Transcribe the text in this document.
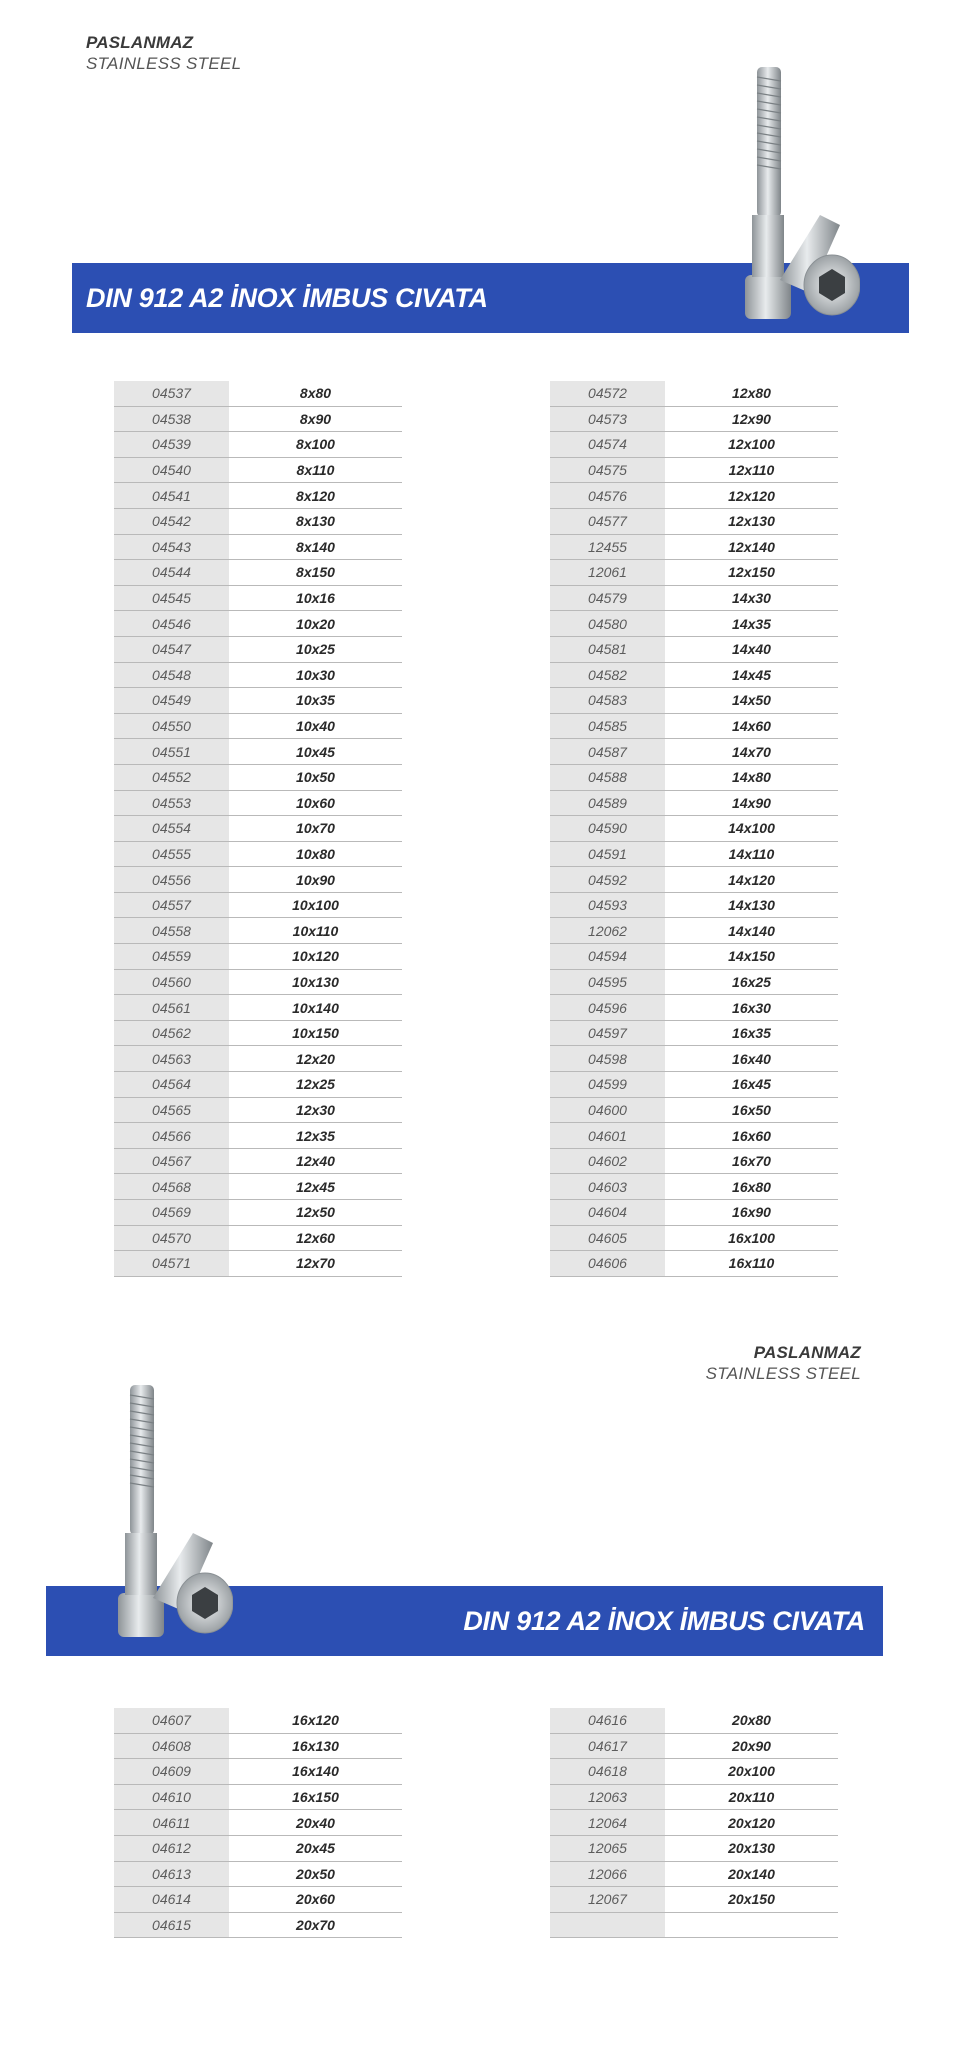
PASLANMAZ
STAINLESS STEEL
DIN 912 A2 İNOX İMBUS CIVATA
04537	8x80
04538	8x90
04539	8x100
04540	8x110
04541	8x120
04542	8x130
04543	8x140
04544	8x150
04545	10x16
04546	10x20
04547	10x25
04548	10x30
04549	10x35
04550	10x40
04551	10x45
04552	10x50
04553	10x60
04554	10x70
04555	10x80
04556	10x90
04557	10x100
04558	10x110
04559	10x120
04560	10x130
04561	10x140
04562	10x150
04563	12x20
04564	12x25
04565	12x30
04566	12x35
04567	12x40
04568	12x45
04569	12x50
04570	12x60
04571	12x70
04572	12x80
04573	12x90
04574	12x100
04575	12x110
04576	12x120
04577	12x130
12455	12x140
12061	12x150
04579	14x30
04580	14x35
04581	14x40
04582	14x45
04583	14x50
04585	14x60
04587	14x70
04588	14x80
04589	14x90
04590	14x100
04591	14x110
04592	14x120
04593	14x130
12062	14x140
04594	14x150
04595	16x25
04596	16x30
04597	16x35
04598	16x40
04599	16x45
04600	16x50
04601	16x60
04602	16x70
04603	16x80
04604	16x90
04605	16x100
04606	16x110
PASLANMAZ
STAINLESS STEEL
DIN 912 A2 İNOX İMBUS CIVATA
04607	16x120
04608	16x130
04609	16x140
04610	16x150
04611	20x40
04612	20x45
04613	20x50
04614	20x60
04615	20x70
04616	20x80
04617	20x90
04618	20x100
12063	20x110
12064	20x120
12065	20x130
12066	20x140
12067	20x150
